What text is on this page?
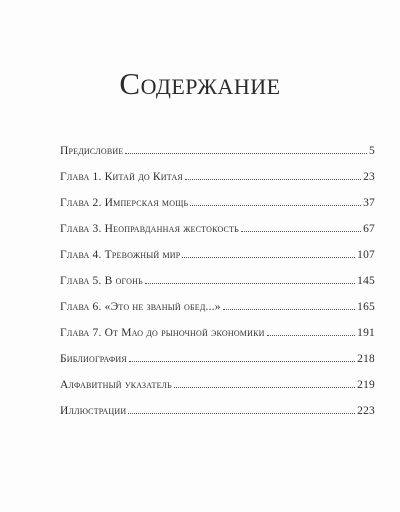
Содержание
Предисловие	5
Глава 1. Китай до Китая	23
Глава 2. Имперская мощь	37
Глава 3. Неоправданная жестокость	67
Глава 4. Тревожный мир	107
Глава 5. В огонь	145
Глава 6. «Это не званый обед...»	165
Глава 7. От Мао до рыночной экономики	191
Библиография	218
Алфавитный указатель	219
Иллюстрации	223
